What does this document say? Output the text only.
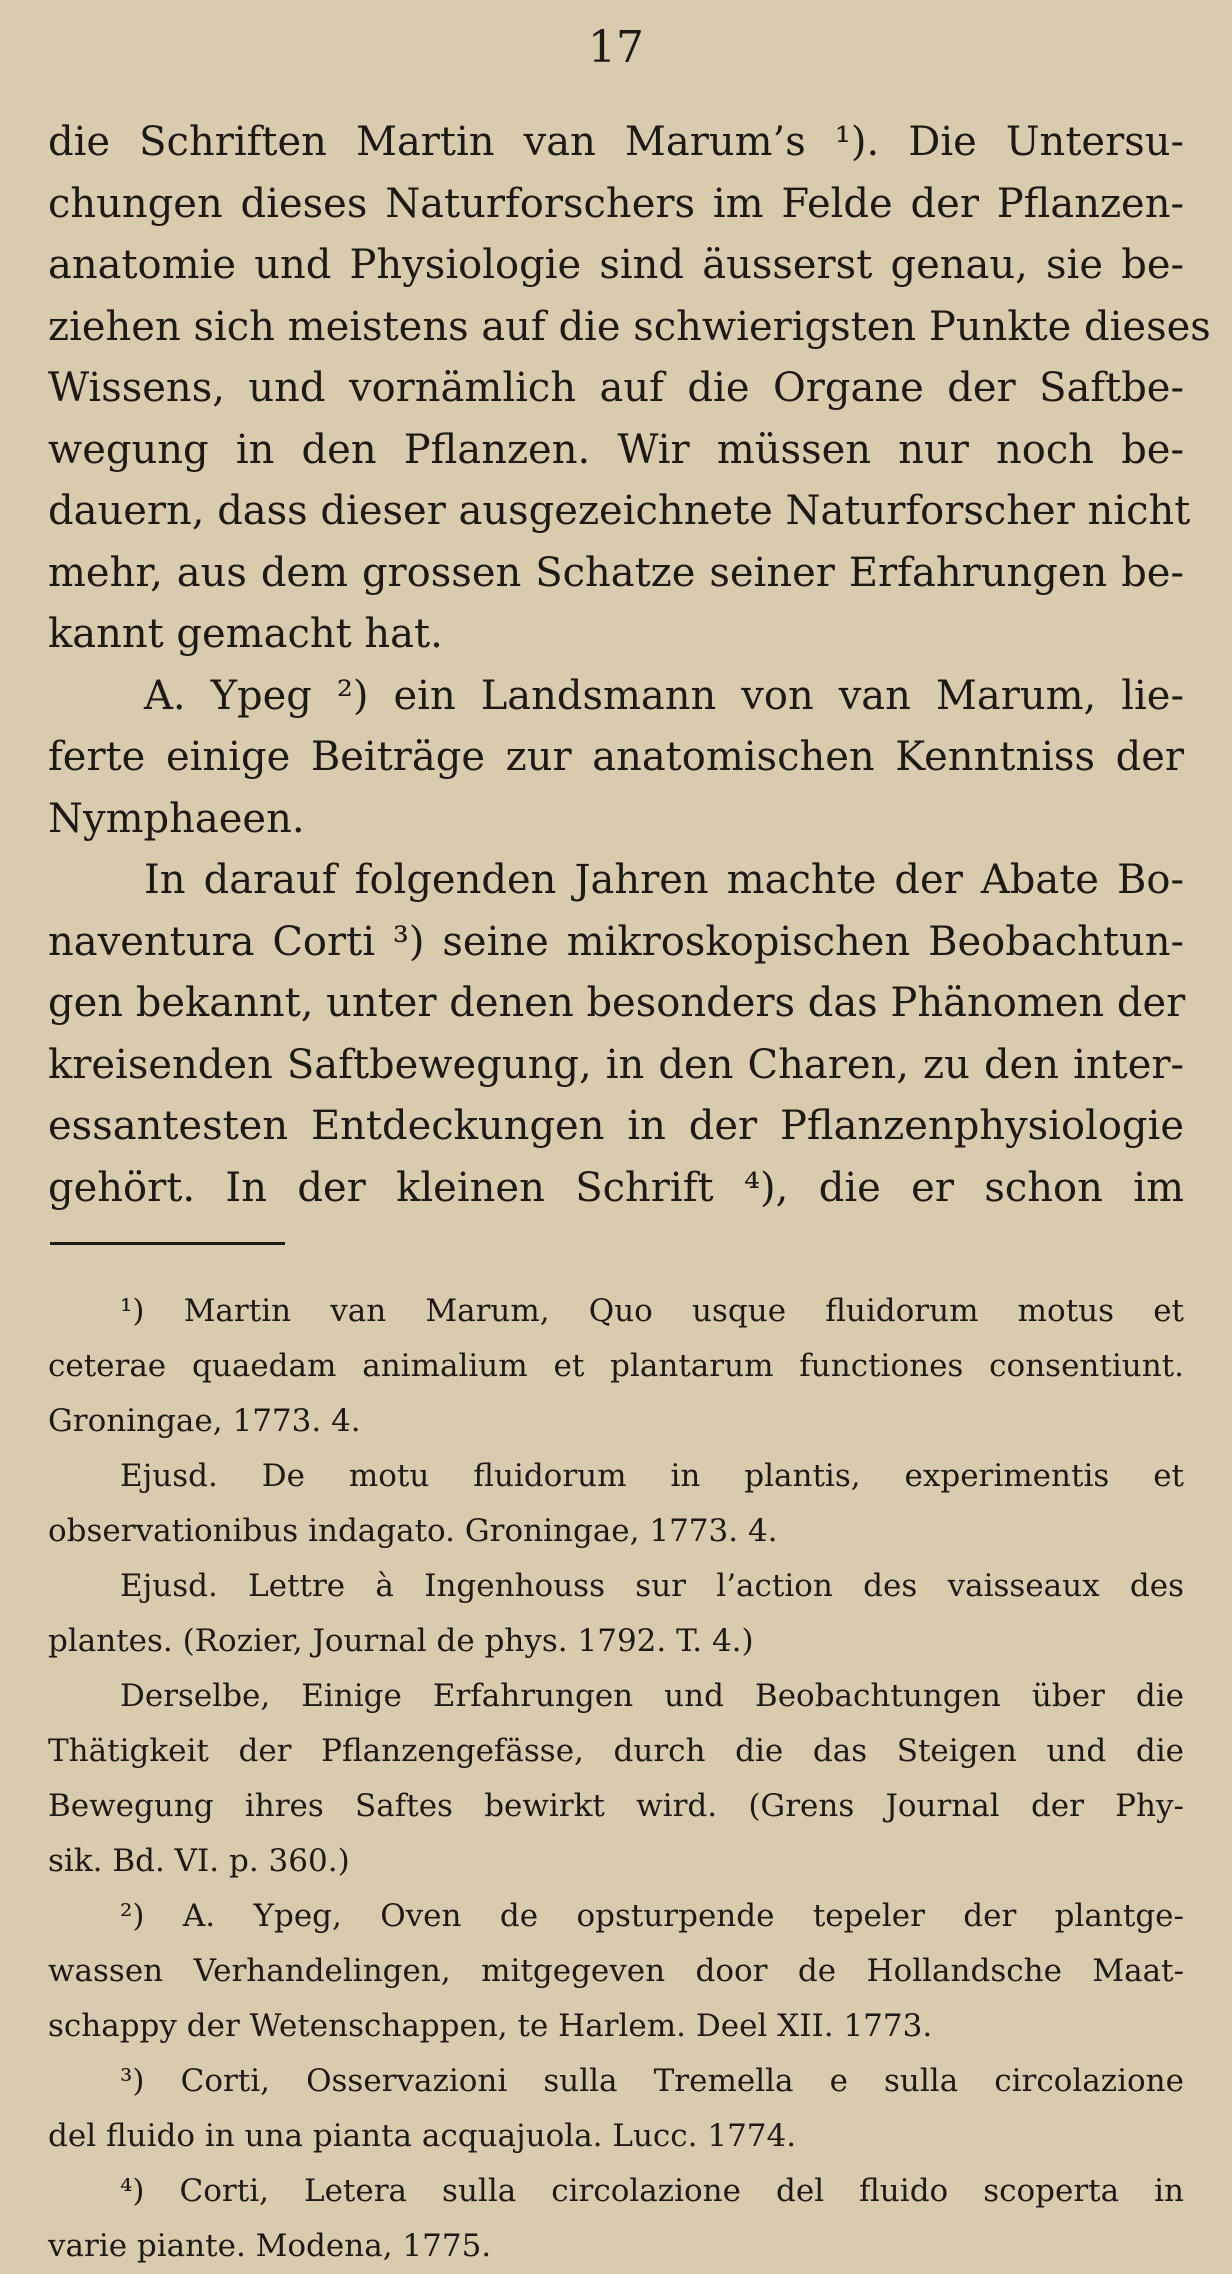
17
die Schriften Martin van Marum’s ¹). Die Untersu-
chungen dieses Naturforschers im Felde der Pflanzen-
anatomie und Physiologie sind äusserst genau, sie be-
ziehen sich meistens auf die schwierigsten Punkte dieses
Wissens, und vornämlich auf die Organe der Saftbe-
wegung in den Pflanzen. Wir müssen nur noch be-
dauern, dass dieser ausgezeichnete Naturforscher nicht
mehr, aus dem grossen Schatze seiner Erfahrungen be-
kannt gemacht hat.
A. Ypeg ²) ein Landsmann von van Marum, lie-
ferte einige Beiträge zur anatomischen Kenntniss der
Nymphaeen.
In darauf folgenden Jahren machte der Abate Bo-
naventura Corti ³) seine mikroskopischen Beobachtun-
gen bekannt, unter denen besonders das Phänomen der
kreisenden Saftbewegung, in den Charen, zu den inter-
essantesten Entdeckungen in der Pflanzenphysiologie
gehört. In der kleinen Schrift ⁴), die er schon im
¹) Martin van Marum, Quo usque fluidorum motus et
ceterae quaedam animalium et plantarum functiones consentiunt.
Groningae, 1773. 4.
Ejusd. De motu fluidorum in plantis, experimentis et
observationibus indagato. Groningae, 1773. 4.
Ejusd. Lettre à Ingenhouss sur l’action des vaisseaux des
plantes. (Rozier, Journal de phys. 1792. T. 4.)
Derselbe, Einige Erfahrungen und Beobachtungen über die
Thätigkeit der Pflanzengefässe, durch die das Steigen und die
Bewegung ihres Saftes bewirkt wird. (Grens Journal der Phy-
sik. Bd. VI. p. 360.)
²) A. Ypeg, Oven de opsturpende tepeler der plantge-
wassen Verhandelingen, mitgegeven door de Hollandsche Maat-
schappy der Wetenschappen, te Harlem. Deel XII. 1773.
³) Corti, Osservazioni sulla Tremella e sulla circolazione
del fluido in una pianta acquajuola. Lucc. 1774.
⁴) Corti, Letera sulla circolazione del fluido scoperta in
varie piante. Modena, 1775.
